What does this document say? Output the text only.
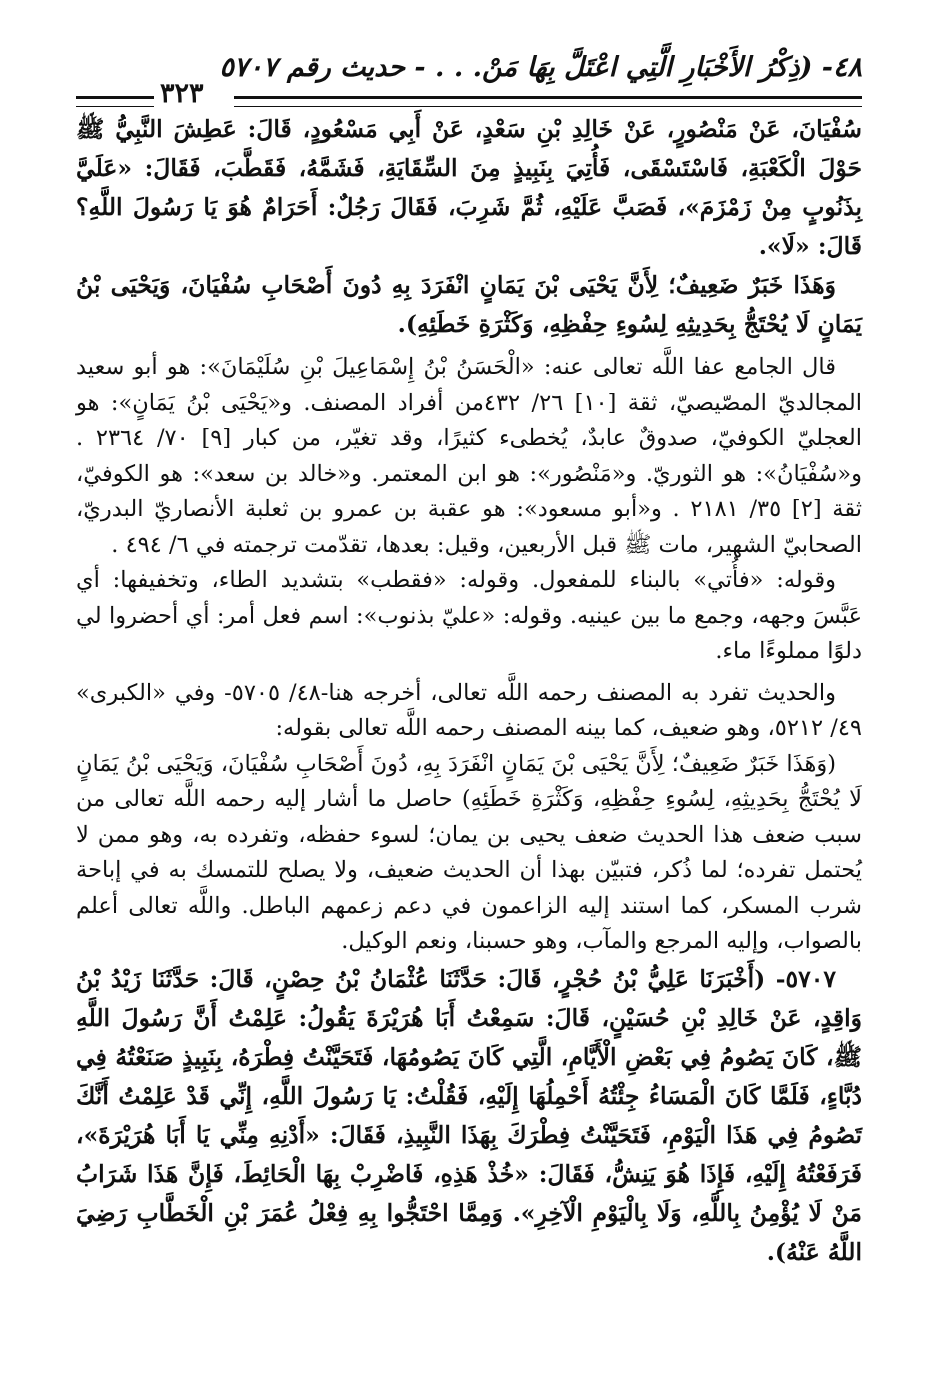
٤٨- (ذِكْرُ الأَخْبَارِ الَّتِي اعْتَلَّ بِهَا مَنْ. . . - حديث رقم ٥٧٠٧
٣٢٣

سُفْيَانَ، عَنْ مَنْصُورٍ، عَنْ خَالِدِ بْنِ سَعْدٍ، عَنْ أَبِي مَسْعُودٍ، قَالَ: عَطِشَ النَّبِيُّ ﷺ حَوْلَ الْكَعْبَةِ، فَاسْتَسْقَى، فَأُتِيَ بِنَبِيذٍ مِنَ السِّقَايَةِ، فَشَمَّهُ، فَقَطَّبَ، فَقَالَ: «عَلَيَّ بِذَنُوبٍ مِنْ زَمْزَمَ»، فَصَبَّ عَلَيْهِ، ثُمَّ شَرِبَ، فَقَالَ رَجُلٌ: أَحَرَامٌ هُوَ يَا رَسُولَ اللَّهِ؟ قَالَ: «لَا».

وَهَذَا خَبَرٌ ضَعِيفٌ؛ لِأَنَّ يَحْيَى بْنَ يَمَانٍ انْفَرَدَ بِهِ دُونَ أَصْحَابِ سُفْيَانَ، وَيَحْيَى بْنُ يَمَانٍ لَا يُحْتَجُّ بِحَدِيثِهِ لِسُوءِ حِفْظِهِ، وَكَثْرَةِ خَطَئِهِ).

قال الجامع عفا اللَّه تعالى عنه: «الْحَسَنُ بْنُ إِسْمَاعِيلَ بْنِ سُلَيْمَانَ»: هو أبو سعيد المجالديّ المصّيصيّ، ثقة [١٠] ٢٦/ ٤٣٢من أفراد المصنف. و«يَحْيَى بْنُ يَمَانٍ»: هو العجليّ الكوفيّ، صدوقٌ عابدٌ، يُخطىء كثيرًا، وقد تغيّر، من كبار [٩] ٧٠/ ٢٣٦٤ . و«سُفْيَانُ»: هو الثوريّ. و«مَنْصُور»: هو ابن المعتمر. و«خالد بن سعد»: هو الكوفيّ، ثقة [٢] ٣٥/ ٢١٨١ . و«أبو مسعود»: هو عقبة بن عمرو بن ثعلبة الأنصاريّ البدريّ، الصحابيّ الشهير، مات ﷺ قبل الأربعين، وقيل: بعدها، تقدّمت ترجمته في ٦/ ٤٩٤ .

وقوله: «فأُتي» بالبناء للمفعول. وقوله: «فقطب» بتشديد الطاء، وتخفيفها: أي عَبَّسَ وجهه، وجمع ما بين عينيه. وقوله: «عليّ بذنوب»: اسم فعل أمر: أي أحضروا لي دلوًا مملوءًا ماء.

والحديث تفرد به المصنف رحمه اللَّه تعالى، أخرجه هنا-٤٨/ ٥٧٠٥- وفي «الكبرى» ٤٩/ ٥٢١٢، وهو ضعيف، كما بينه المصنف رحمه اللَّه تعالى بقوله:

(وَهَذَا خَبَرٌ ضَعِيفٌ؛ لِأَنَّ يَحْيَى بْنَ يَمَانٍ انْفَرَدَ بِهِ، دُونَ أَصْحَابِ سُفْيَانَ، وَيَحْيَى بْنُ يَمَانٍ لَا يُحْتَجُّ بِحَدِيثِهِ، لِسُوءِ حِفْظِهِ، وَكَثْرَةِ خَطَئِهِ) حاصل ما أشار إليه رحمه اللَّه تعالى من سبب ضعف هذا الحديث ضعف يحيى بن يمان؛ لسوء حفظه، وتفرده به، وهو ممن لا يُحتمل تفرده؛ لما ذُكر، فتبيّن بهذا أن الحديث ضعيف، ولا يصلح للتمسك به في إباحة شرب المسكر، كما استند إليه الزاعمون في دعم زعمهم الباطل. واللَّه تعالى أعلم بالصواب، وإليه المرجع والمآب، وهو حسبنا، ونعم الوكيل.

٥٧٠٧- (أَخْبَرَنَا عَلِيُّ بْنُ حُجْرٍ، قَالَ: حَدَّثَنَا عُثْمَانُ بْنُ حِصْنٍ، قَالَ: حَدَّثَنَا زَيْدُ بْنُ وَاقِدٍ، عَنْ خَالِدِ بْنِ حُسَيْنٍ، قَالَ: سَمِعْتُ أَبَا هُرَيْرَةَ يَقُولُ: عَلِمْتُ أَنَّ رَسُولَ اللَّهِ ﷺ، كَانَ يَصُومُ فِي بَعْضِ الْأَيَّامِ، الَّتِي كَانَ يَصُومُهَا، فَتَحَيَّنْتُ فِطْرَهُ، بِنَبِيذٍ صَنَعْتُهُ فِي دُبَّاءٍ، فَلَمَّا كَانَ الْمَسَاءُ جِئْتُهُ أَحْمِلُهَا إِلَيْهِ، فَقُلْتُ: يَا رَسُولَ اللَّهِ، إِنِّي قَدْ عَلِمْتُ أَنَّكَ تَصُومُ فِي هَذَا الْيَوْمِ، فَتَحَيَّنْتُ فِطْرَكَ بِهَذَا النَّبِيذِ، فَقَالَ: «أَدْنِهِ مِنِّي يَا أَبَا هُرَيْرَةَ»، فَرَفَعْتُهُ إِلَيْهِ، فَإِذَا هُوَ يَنِشُّ، فَقَالَ: «خُذْ هَذِهِ، فَاضْرِبْ بِهَا الْحَائِطَ، فَإِنَّ هَذَا شَرَابُ مَنْ لَا يُؤْمِنُ بِاللَّهِ، وَلَا بِالْيَوْمِ الْآخِرِ». وَمِمَّا احْتَجُّوا بِهِ فِعْلُ عُمَرَ بْنِ الْخَطَّابِ رَضِيَ اللَّهُ عَنْهُ).
